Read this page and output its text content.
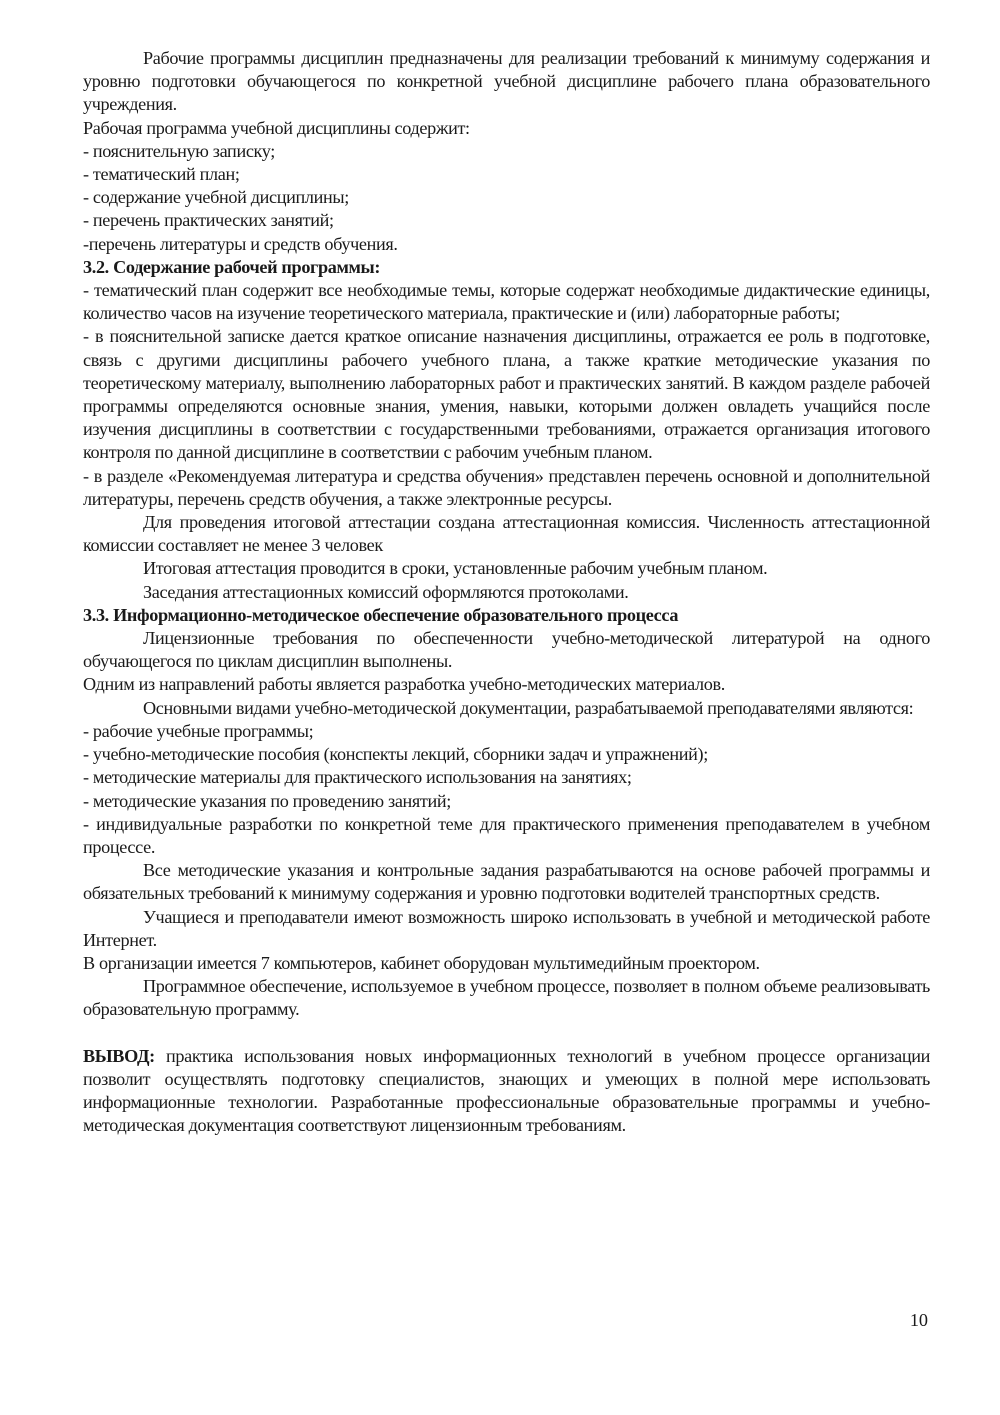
Рабочие программы дисциплин предназначены для реализации требований к минимуму содержания и уровню подготовки обучающегося по конкретной учебной дисциплине рабочего плана образовательного учреждения.

Рабочая программа учебной дисциплины содержит:

- пояснительную записку;

- тематический план;

- содержание учебной дисциплины;

- перечень практических занятий;

-перечень литературы и средств обучения.

3.2. Содержание рабочей программы:

- тематический план содержит все необходимые темы, которые содержат необходимые дидактические единицы, количество часов на изучение теоретического материала, практические и (или) лабораторные работы;

- в пояснительной записке дается краткое описание назначения дисциплины, отражается ее роль в подготовке, связь с другими дисциплины рабочего учебного плана, а также краткие методические указания по теоретическому материалу, выполнению лабораторных работ и практических занятий. В каждом разделе рабочей программы определяются основные знания, умения, навыки, которыми должен овладеть учащийся после изучения дисциплины в соответствии с государственными требованиями, отражается организация итогового контроля по данной дисциплине в соответствии с рабочим учебным планом.

- в разделе «Рекомендуемая литература и средства обучения» представлен перечень основной и дополнительной литературы, перечень средств обучения, а также электронные ресурсы.

Для проведения итоговой аттестации создана аттестационная комиссия. Численность аттестационной комиссии составляет не менее 3 человек

Итоговая аттестация проводится в сроки, установленные рабочим учебным планом.

Заседания аттестационных комиссий оформляются протоколами.

3.3. Информационно-методическое обеспечение образовательного процесса

Лицензионные требования по обеспеченности учебно-методической литературой на одного обучающегося по циклам дисциплин выполнены.

Одним из направлений работы является разработка учебно-методических материалов.

Основными видами учебно-методической документации, разрабатываемой преподавателями являются:

- рабочие учебные программы;

- учебно-методические пособия (конспекты лекций, сборники задач и упражнений);

- методические материалы для практического использования на занятиях;

- методические указания по проведению занятий;

- индивидуальные разработки по конкретной теме для практического применения преподавателем в учебном процессе.

Все методические указания и контрольные задания разрабатываются на основе рабочей программы и обязательных требований к минимуму содержания и уровню подготовки водителей транспортных средств.

Учащиеся и преподаватели имеют возможность широко использовать в учебной и методической работе Интернет.

В организации имеется 7 компьютеров, кабинет оборудован мультимедийным проектором.

Программное обеспечение, используемое в учебном процессе, позволяет в полном объеме реализовывать образовательную программу.

ВЫВОД: практика использования новых информационных технологий в учебном процессе организации позволит осуществлять подготовку специалистов, знающих и умеющих в полной мере использовать информационные технологии. Разработанные профессиональные образовательные программы и учебно-методическая документация соответствуют лицензионным требованиям.

10
